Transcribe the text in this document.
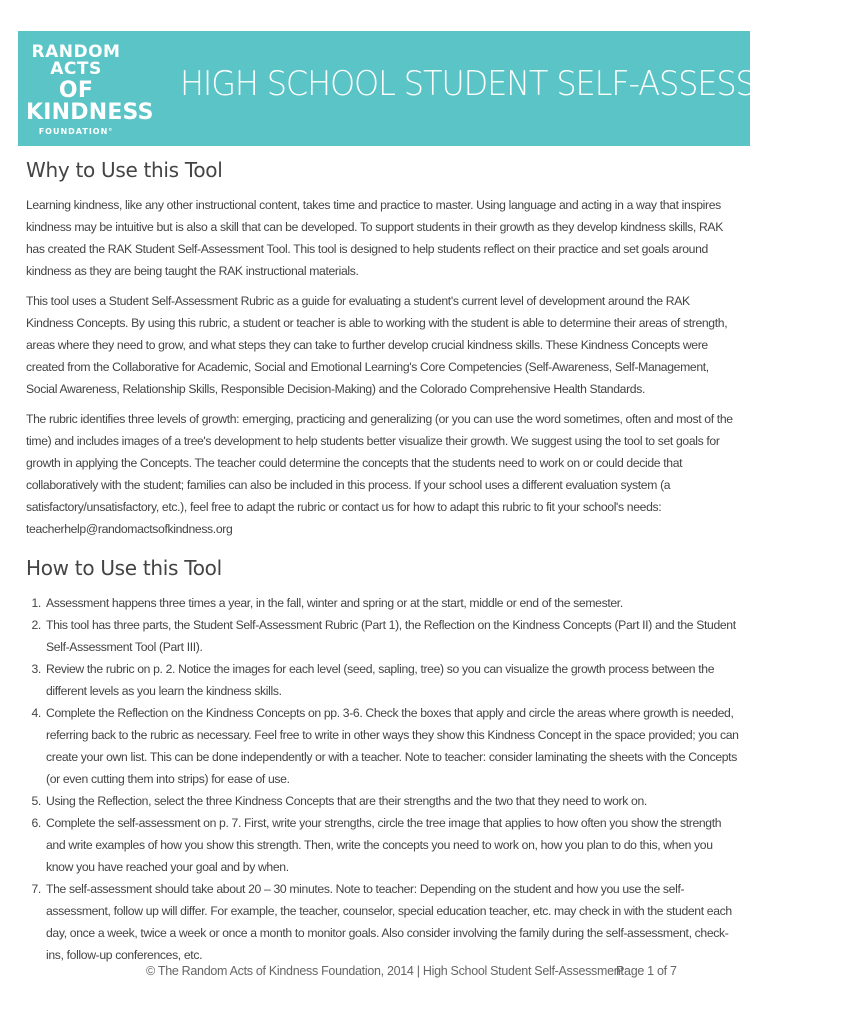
RANDOM ACTS
OF KINDNESS
FOUNDATION°
HIGH SCHOOL STUDENT SELF-ASSESSMENT
Why to Use this Tool

Learning kindness, like any other instructional content, takes time and practice to master. Using language and acting in a way that inspires kindness may be intuitive but is also a skill that can be developed. To support students in their growth as they develop kindness skills, RAK has created the RAK Student Self-Assessment Tool. This tool is designed to help students reflect on their practice and set goals around kindness as they are being taught the RAK instructional materials.

This tool uses a Student Self-Assessment Rubric as a guide for evaluating a student's current level of development around the RAK Kindness Concepts. By using this rubric, a student or teacher is able to working with the student is able to determine their areas of strength, areas where they need to grow, and what steps they can take to further develop crucial kindness skills. These Kindness Concepts were created from the Collaborative for Academic, Social and Emotional Learning's Core Competencies (Self-Awareness, Self-Management, Social Awareness, Relationship Skills, Responsible Decision-Making) and the Colorado Comprehensive Health Standards.

The rubric identifies three levels of growth: emerging, practicing and generalizing (or you can use the word sometimes, often and most of the time) and includes images of a tree's development to help students better visualize their growth. We suggest using the tool to set goals for growth in applying the Concepts. The teacher could determine the concepts that the students need to work on or could decide that collaboratively with the student; families can also be included in this process. If your school uses a different evaluation system (a satisfactory/unsatisfactory, etc.), feel free to adapt the rubric or contact us for how to adapt this rubric to fit your school's needs: teacherhelp@randomactsofkindness.org

How to Use this Tool
1. Assessment happens three times a year, in the fall, winter and spring or at the start, middle or end of the semester.
2. This tool has three parts, the Student Self-Assessment Rubric (Part 1), the Reflection on the Kindness Concepts (Part II) and the Student Self-Assessment Tool (Part III).
3. Review the rubric on p. 2. Notice the images for each level (seed, sapling, tree) so you can visualize the growth process between the different levels as you learn the kindness skills.
4. Complete the Reflection on the Kindness Concepts on pp. 3-6. Check the boxes that apply and circle the areas where growth is needed, referring back to the rubric as necessary. Feel free to write in other ways they show this Kindness Concept in the space provided; you can create your own list. This can be done independently or with a teacher. Note to teacher: consider laminating the sheets with the Concepts (or even cutting them into strips) for ease of use.
5. Using the Reflection, select the three Kindness Concepts that are their strengths and the two that they need to work on.
6. Complete the self-assessment on p. 7. First, write your strengths, circle the tree image that applies to how often you show the strength and write examples of how you show this strength. Then, write the concepts you need to work on, how you plan to do this, when you know you have reached your goal and by when.
7. The self-assessment should take about 20 – 30 minutes. Note to teacher: Depending on the student and how you use the self-assessment, follow up will differ. For example, the teacher, counselor, special education teacher, etc. may check in with the student each day, once a week, twice a week or once a month to monitor goals. Also consider involving the family during the self-assessment, check-ins, follow-up conferences, etc.
© The Random Acts of Kindness Foundation, 2014 | High School Student Self-Assessment
Page 1 of 7
